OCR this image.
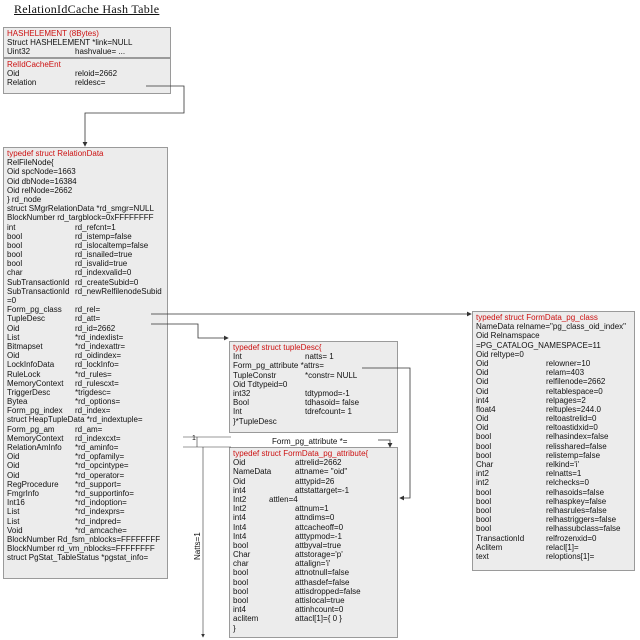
RelationIdCache Hash Table
HASHELEMENT (8Bytes)
Struct HASHELEMENT *link=NULL
Uint32	hashvalue= ...
RelIdCacheEnt
Oid	reloid=2662
Relation	reldesc=
typedef struct RelationData
RelFileNode{
Oid spcNode=1663
Oid dbNode=16384
Oid relNode=2662
} rd_node
struct SMgrRelationData *rd_smgr=NULL
BlockNumber rd_targblock=0xFFFFFFFF
int	rd_refcnt=1
bool	rd_istemp=false
bool	rd_islocaltemp=false
bool	rd_isnailed=true
bool	rd_isvalid=true
char	rd_indexvalid=0
SubTransactionId rd_createSubid=0
SubTransactionId rd_newRelfilenodeSubid
=0
Form_pg_class rd_rel=
TupleDesc	rd_att=
Oid	rd_id=2662
List	*rd_indexlist=
Bitmapset	*rd_indexattr=
Oid	rd_oidindex=
LockInfoData	rd_lockInfo=
RuleLock	*rd_rules=
MemoryContext rd_rulescxt=
TriggerDesc	*trigdesc=
Bytea	*rd_options=
Form_pg_index rd_index=
struct HeapTupleData *rd_indextuple=
Form_pg_am	rd_am=
MemoryContext rd_indexcxt=
RelationAmInfo *rd_aminfo=
Oid	*rd_opfamily=
Oid	*rd_opcintype=
Oid	*rd_operator=
RegProcedure *rd_support=
FmgrInfo	*rd_supportinfo=
Int16	*rd_indoption=
List	*rd_indexprs=
List	*rd_indpred=
Void	*rd_amcache=
BlockNumber Rd_fsm_nblocks=FFFFFFFF
BlockNumber rd_vm_nblocks=FFFFFFFF
struct PgStat_TableStatus *pgstat_info=
typedef struct tupleDesc{
Int	natts= 1
Form_pg_attribute *attrs=
TupleConstr	*constr= NULL
Oid Tdtypeid=0
int32	tdtypmod=-1
Bool	tdhasoid= false
Int	tdrefcount= 1
}*TupleDesc
typedef struct FormData_pg_attribute{
Oid	attrelid=2662
NameData	attname= "oid"
Oid	atttypid=26
int4	attstattarget=-1
Int2	attlen=4
Int2	attnum=1
int4	attndims=0
Int4	attcacheoff=0
Int4	atttypmod=-1
bool	attbyval=true
Char	attstorage='p'
char	attalign='i'
bool	attnotnull=false
bool	atthasdef=false
bool	attisdropped=false
bool	attislocal=true
int4	attinhcount=0
aclitem	attacl[1]={ 0 }
}
typedef struct FormData_pg_class
NameData relname="pg_class_oid_index"
Oid Relnamspace
=PG_CATALOG_NAMESPACE=11
Oid reltype=0
Oid	relowner=10
Oid	relam=403
Oid	relfilenode=2662
Oid	reltablespace=0
int4	relpages=2
float4	reltuples=244.0
Oid	reltoastrelid=0
Oid	reltoastidxid=0
bool	relhasindex=false
bool	relisshared=false
bool	relistemp=false
Char	relkind='i'
int2	relnatts=1
int2	relchecks=0
bool	relhasoids=false
bool	relhaspkey=false
bool	relhasrules=false
bool	relhastriggers=false
bool	relhassubclass=false
TransactionId	relfrozenxid=0
Aclitem	relacl[1]=
text	reloptions[1]=
Form_pg_attribute *=
1
Natts=1
